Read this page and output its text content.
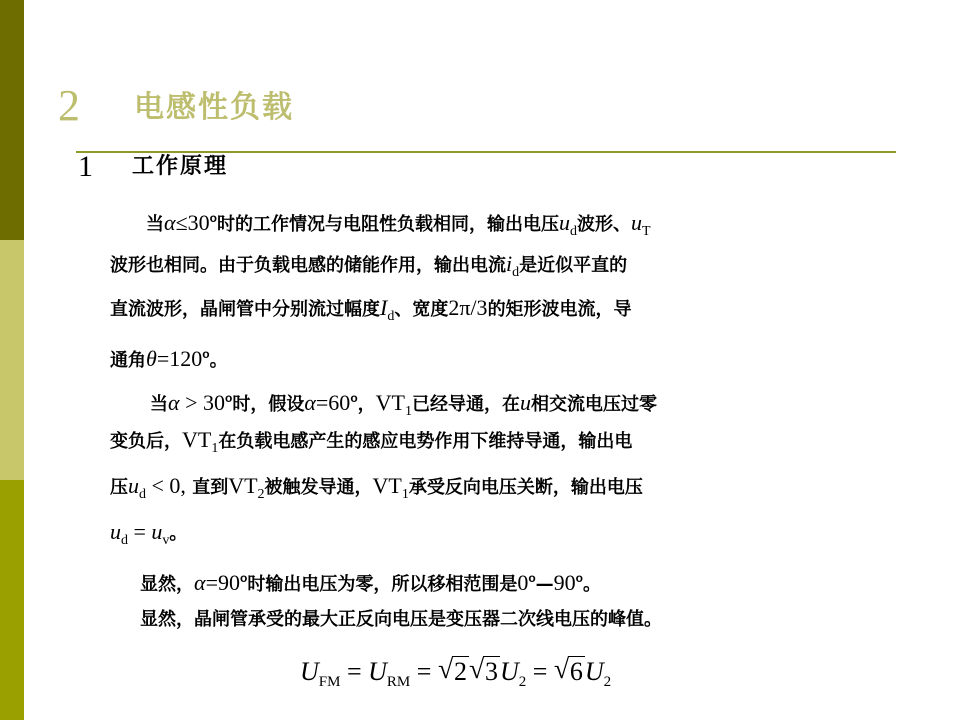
2 电感性负载
1 工作原理
当$\alpha\le 30^o$时的工作情况与电阻性负载相同，输出电压$u_d$波形、$u_T$
波形也相同。由于负载电感的储能作用，输出电流$i_d$是近似平直的
直流波形，晶闸管中分别流过幅度$I_d$、宽度2π/3的矩形波电流，导
通角$\theta=120^o$。
当$\alpha > 30^o$时，假设$\alpha=60^o$，$VT_1$已经导通，在u相交流电压过零
变负后，$VT_1$在负载电感产生的感应电势作用下维持导通，输出电
压$u_d < 0$, 直到$VT_2$被触发导通，$VT_1$承受反向电压关断，输出电压
$u_d = u_v$。
显然，$\alpha=90^o$时输出电压为零，所以移相范围是0$^o$—90$^o$。
显然，晶闸管承受的最大正反向电压是变压器二次线电压的峰值。
$U_{FM} = U_{RM}$ = √ 2√ $3U_2$ = √ $6U_2$
